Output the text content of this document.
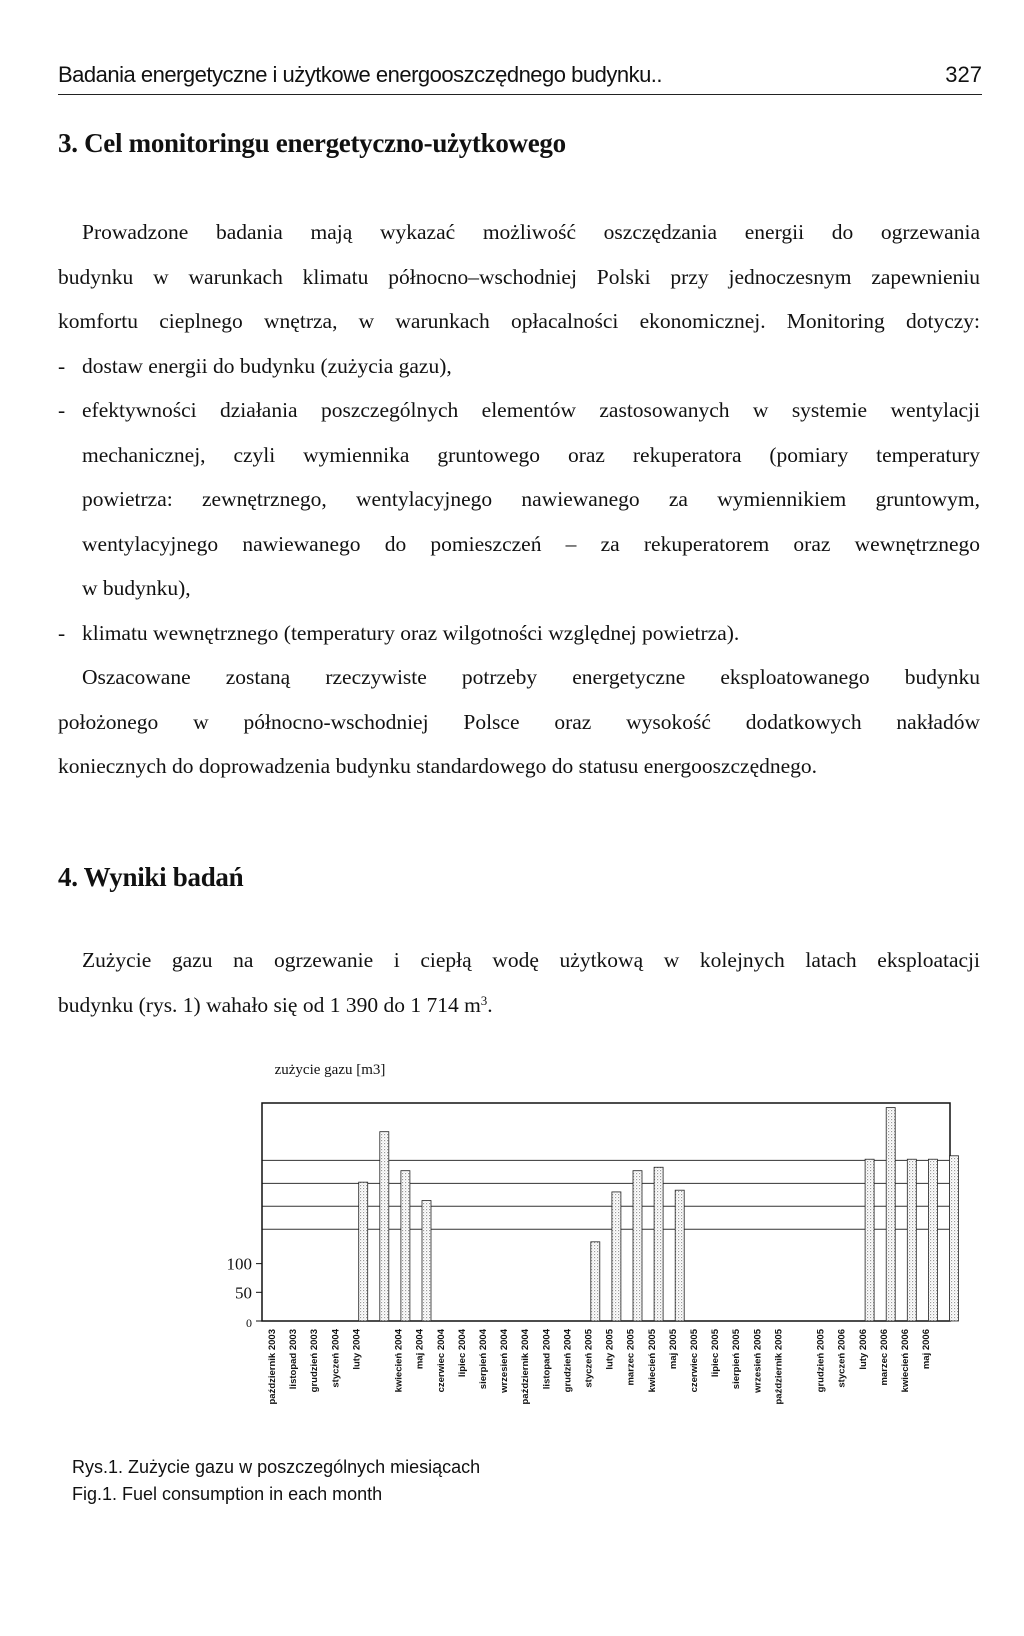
Badania energetyczne i użytkowe energooszczędnego budynku..	327
3. Cel monitoringu energetyczno-użytkowego

Prowadzone badania mają wykazać możliwość oszczędzania energii do ogrzewania

budynku w warunkach klimatu północno–wschodniej Polski przy jednoczesnym zapewnieniu

komfortu cieplnego wnętrza, w warunkach opłacalności ekonomicznej. Monitoring dotyczy:

- dostaw energii do budynku (zużycia gazu),

- efektywności działania poszczególnych elementów zastosowanych w systemie wentylacji

mechanicznej, czyli wymiennika gruntowego oraz rekuperatora (pomiary temperatury

powietrza: zewnętrznego, wentylacyjnego nawiewanego za wymiennikiem gruntowym,

wentylacyjnego nawiewanego do pomieszczeń – za rekuperatorem oraz wewnętrznego

w budynku),

- klimatu wewnętrznego (temperatury oraz wilgotności względnej powietrza).

Oszacowane zostaną rzeczywiste potrzeby energetyczne eksploatowanego budynku

położonego w północno-wschodniej Polsce oraz wysokość dodatkowych nakładów

koniecznych do doprowadzenia budynku standardowego do statusu energooszczędnego.

4. Wyniki badań

Zużycie gazu na ogrzewanie i ciepłą wodę użytkową w kolejnych latach eksploatacji

budynku (rys. 1) wahało się od 1 390 do 1 714 $m^3$.

zużycie gazu [m3]
100
50
0
październik 2003 listopad 2003 grudzień 2003 styczeń 2004 luty 2004	kwiecień 2004 maj 2004 czerwiec 2004 lipiec 2004 sierpień 2004 wrzesień 2004 październik 2004 listopad 2004 grudzień 2004 styczeń 2005 luty 2005 marzec 2005 kwiecień 2005 maj 2005 czerwiec 2005 lipiec 2005 sierpień 2005 wrzesień 2005 październik 2005	grudzień 2005 styczeń 2006 luty 2006 marzec 2006 kwiecień 2006 maj 2006
Rys.1. Zużycie gazu w poszczególnych miesiącach
Fig.1. Fuel consumption in each month
